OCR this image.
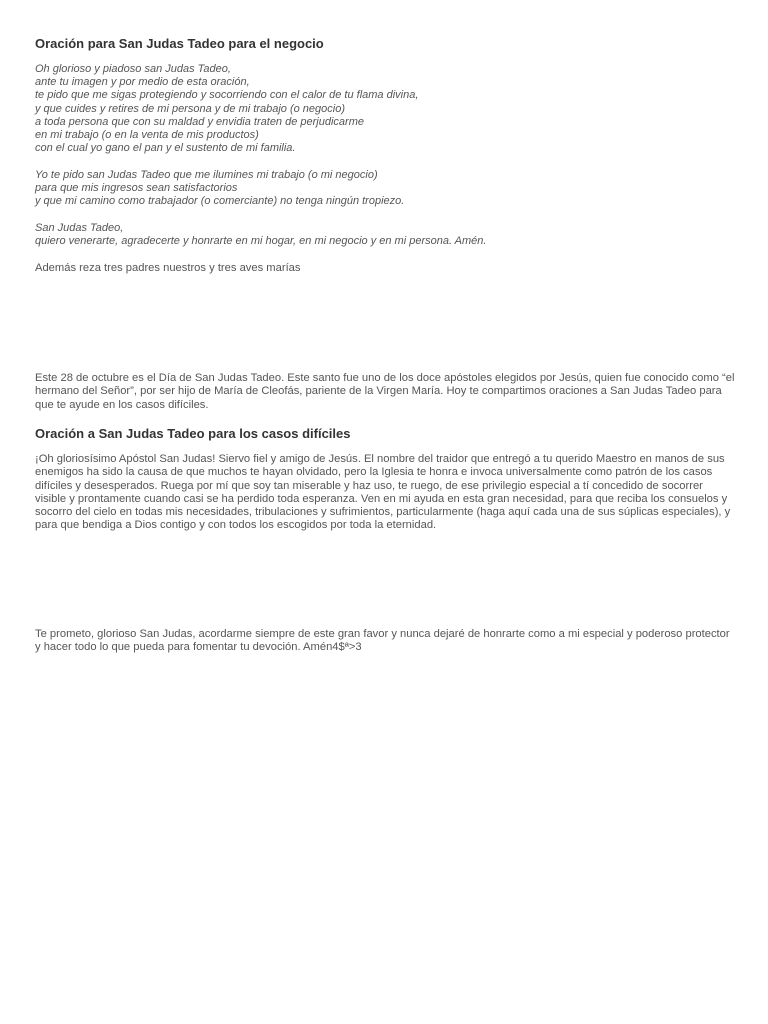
Oración para San Judas Tadeo para el negocio
Oh glorioso y piadoso san Judas Tadeo,
ante tu imagen y por medio de esta oración,
te pido que me sigas protegiendo y socorriendo con el calor de tu flama divina,
y que cuides y retires de mi persona y de mi trabajo (o negocio)
a toda persona que con su maldad y envidia traten de perjudicarme
en mi trabajo (o en la venta de mis productos)
con el cual yo gano el pan y el sustento de mi familia.
Yo te pido san Judas Tadeo que me ilumines mi trabajo (o mi negocio)
para que mis ingresos sean satisfactorios
y que mi camino como trabajador (o comerciante) no tenga ningún tropiezo.
San Judas Tadeo,
quiero venerarte, agradecerte y honrarte en mi hogar, en mi negocio y en mi persona. Amén.

Además reza tres padres nuestros y tres aves marías

Este 28 de octubre es el Día de San Judas Tadeo. Este santo fue uno de los doce apóstoles elegidos por Jesús, quien fue conocido como “el hermano del Señor”, por ser hijo de María de Cleofás, pariente de la Virgen María. Hoy te compartimos oraciones a San Judas Tadeo para que te ayude en los casos difíciles.

Oración a San Judas Tadeo para los casos difíciles

¡Oh gloriosísimo Apóstol San Judas! Siervo fiel y amigo de Jesús. El nombre del traidor que entregó a tu querido Maestro en manos de sus enemigos ha sido la causa de que muchos te hayan olvidado, pero la Iglesia te honra e invoca universalmente como patrón de los casos difíciles y desesperados. Ruega por mí que soy tan miserable y haz uso, te ruego, de ese privilegio especial a tí concedido de socorrer visible y prontamente cuando casi se ha perdido toda esperanza. Ven en mi ayuda en esta gran necesidad, para que reciba los consuelos y socorro del cielo en todas mis necesidades, tribulaciones y sufrimientos, particularmente (haga aquí cada una de sus súplicas especiales), y para que bendiga a Dios contigo y con todos los escogidos por toda la eternidad.

Te prometo, glorioso San Judas, acordarme siempre de este gran favor y nunca dejaré de honrarte como a mi especial y poderoso protector y hacer todo lo que pueda para fomentar tu devoción. Amén4$ª>3
